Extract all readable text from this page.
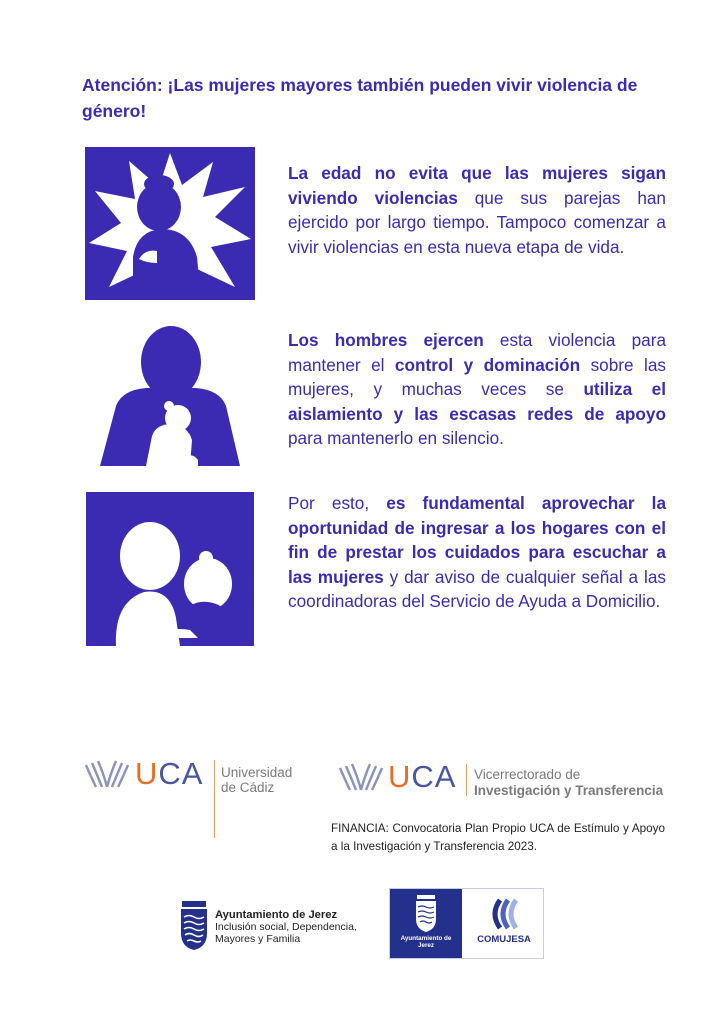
Atención: ¡Las mujeres mayores también pueden vivir violencia de género!
La edad no evita que las mujeres sigan viviendo violencias que sus parejas han ejercido por largo tiempo. Tampoco comenzar a vivir violencias en esta nueva etapa de vida.
Los hombres ejercen esta violencia para mantener el control y dominación sobre las mujeres, y muchas veces se utiliza el aislamiento y las escasas redes de apoyo para mantenerlo en silencio.
Por esto, es fundamental aprovechar la oportunidad de ingresar a los hogares con el fin de prestar los cuidados para escuchar a las mujeres y dar aviso de cualquier señal a las coordinadoras del Servicio de Ayuda a Domicilio.
UCA Universidad
de Cádiz	UCA Vicerrectorado de
Investigación y Transferencia
FINANCIA: Convocatoria Plan Propio UCA de Estímulo y Apoyo a la Investigación y Transferencia 2023.
Ayuntamiento de Jerez
Inclusión social, Dependencia,
Mayores y Familia	Ayuntamiento de Jerez
COMUJESA
